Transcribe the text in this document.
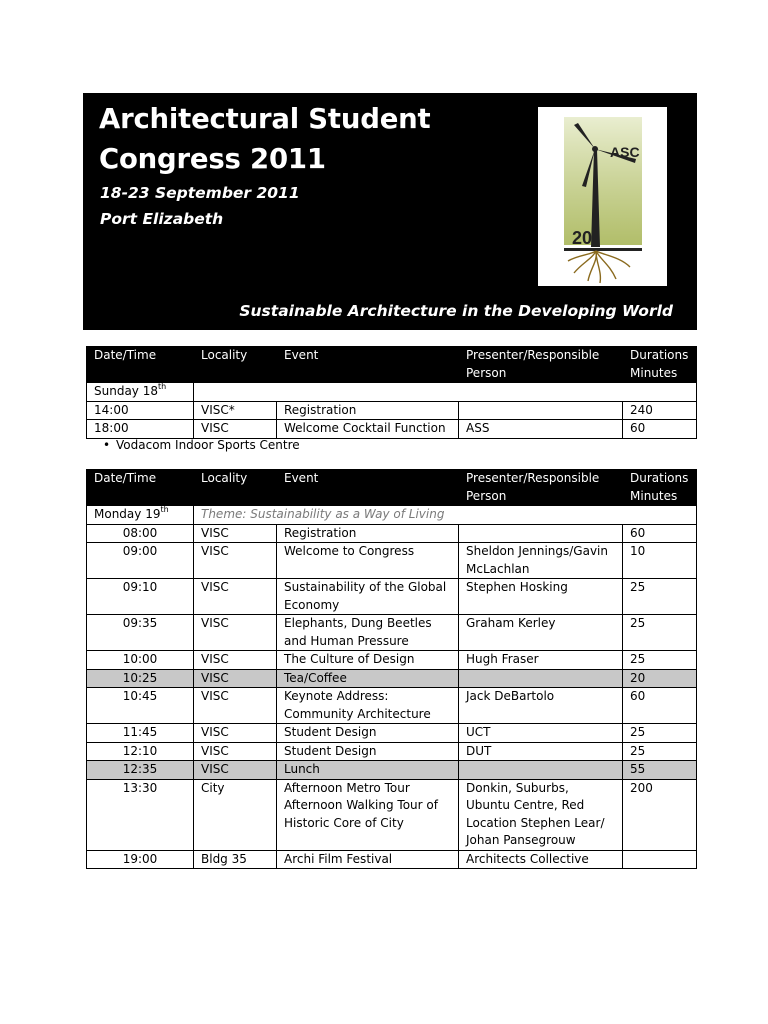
Architectural Student
Congress 2011
18-23 September 2011
Port Elizabeth
ASC
20
Sustainable Architecture in the Developing World
Date/Time	Locality	Event	Presenter/Responsible Person	Durations Minutes
Sunday 18th	
14:00	VISC*	Registration		240
18:00	VISC	Welcome Cocktail Function	ASS	60
• Vodacom Indoor Sports Centre
Date/Time	Locality	Event	Presenter/Responsible Person	Durations Minutes
Monday 19th	Theme: Sustainability as a Way of Living			
08:00	VISC	Registration		60
09:00	VISC	Welcome to Congress	Sheldon Jennings/Gavin McLachlan	10
09:10	VISC	Sustainability of the Global Economy	Stephen Hosking	25
09:35	VISC	Elephants, Dung Beetles and Human Pressure	Graham Kerley	25
10:00	VISC	The Culture of Design	Hugh Fraser	25
10:25	VISC	Tea/Coffee		20
10:45	VISC	Keynote Address: Community Architecture	Jack DeBartolo	60
11:45	VISC	Student Design	UCT	25
12:10	VISC	Student Design	DUT	25
12:35	VISC	Lunch		55
13:30	City	Afternoon Metro Tour Afternoon Walking Tour of Historic Core of City	Donkin, Suburbs, Ubuntu Centre, Red Location Stephen Lear/ Johan Pansegrouw	200
19:00	Bldg 35	Archi Film Festival	Architects Collective	
